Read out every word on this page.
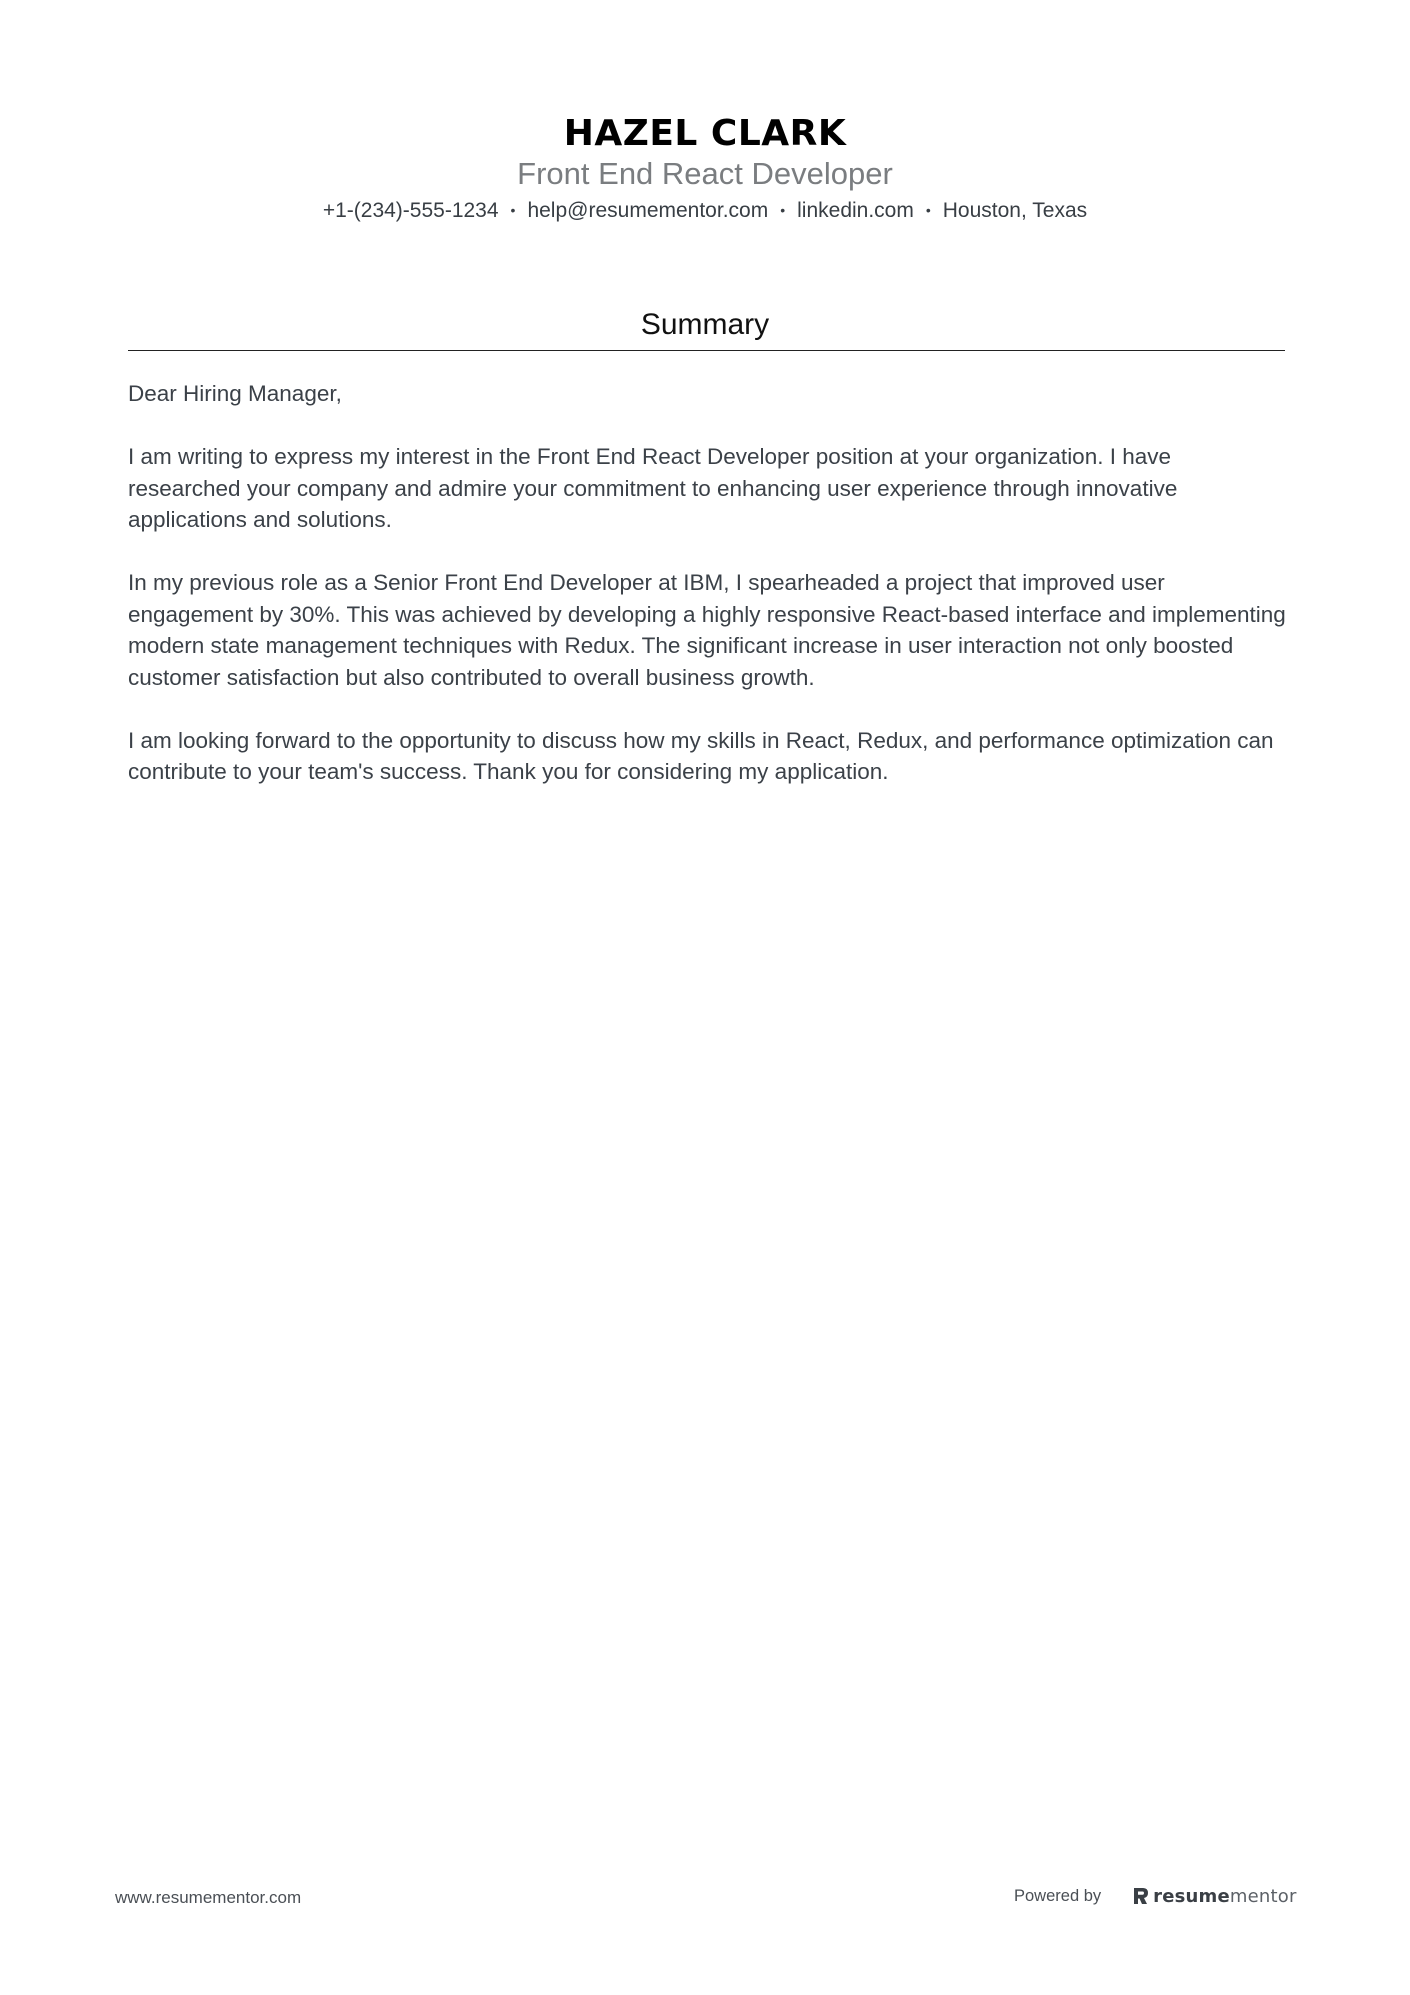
HAZEL CLARK
Front End React Developer
+1-(234)-555-1234 • help@resumementor.com • linkedin.com • Houston, Texas
Summary

Dear Hiring Manager,

I am writing to express my interest in the Front End React Developer position at your organization. I have researched your company and admire your commitment to enhancing user experience through innovative applications and solutions.

In my previous role as a Senior Front End Developer at IBM, I spearheaded a project that improved user engagement by 30%. This was achieved by developing a highly responsive React-based interface and implementing modern state management techniques with Redux. The significant increase in user interaction not only boosted customer satisfaction but also contributed to overall business growth.

I am looking forward to the opportunity to discuss how my skills in React, Redux, and performance optimization can contribute to your team's success. Thank you for considering my application.

www.resumementor.com	Powered by	resumementor
